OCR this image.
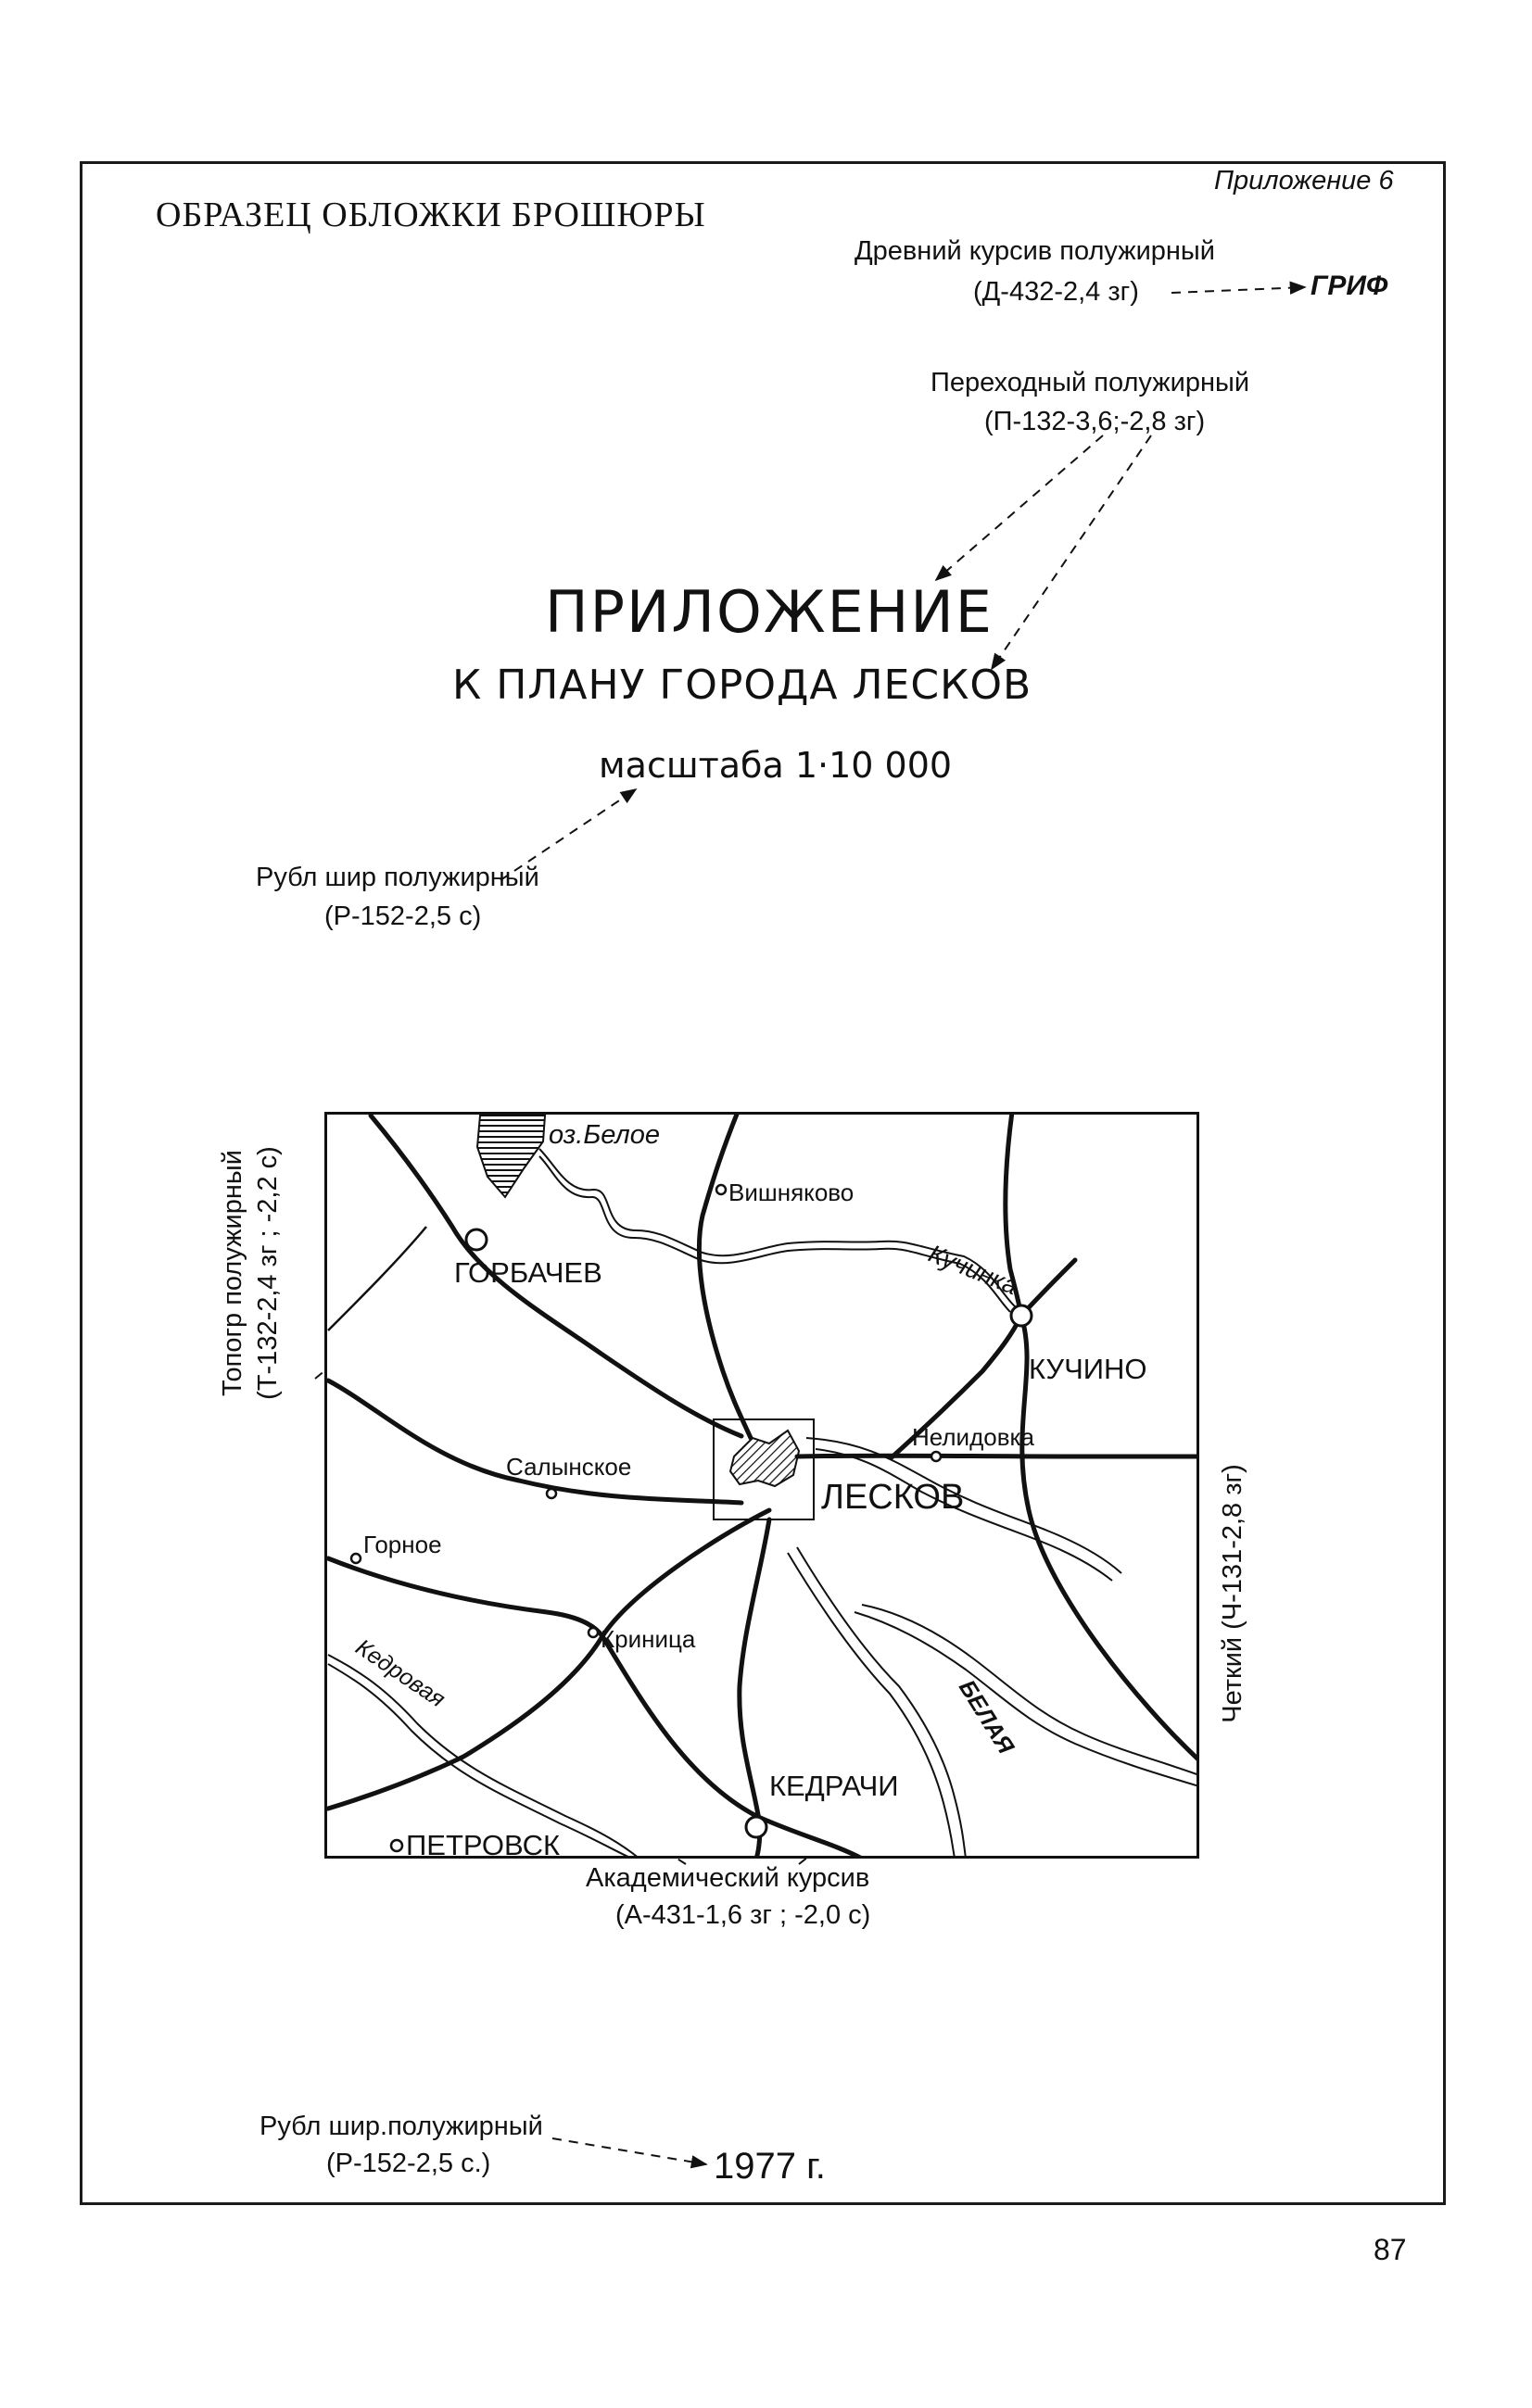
Приложение 6
ОБРАЗЕЦ ОБЛОЖКИ БРОШЮРЫ
Древний курсив полужирный
(Д-432-2,4 зг)	ГРИФ
Переходный полужирный
(П-132-3,6;-2,8 зг)
ПРИЛОЖЕНИЕ
К ПЛАНУ ГОРОДА ЛЕСКОВ
масштаба 1·10 000
Рубл шир полужирный
(Р-152-2,5 с)
оз.Белое
Вишняково
Кучинка
ГОРБАЧЕВ
КУЧИНО
Нелидовка
Салынское
ЛЕСКОВ
Горное
Криница
Кедровая
БЕЛАЯ
КЕДРАЧИ
ПЕТРОВСК
Топогр полужирный (Т-132-2,4 зг ; -2,2 с)
Четкий (Ч-131-2,8 зг)
Академический курсив
(А-431-1,6 зг ; -2,0 с)
Рубл шир.полужирный
(Р-152-2,5 с.)	1977 г.
87
